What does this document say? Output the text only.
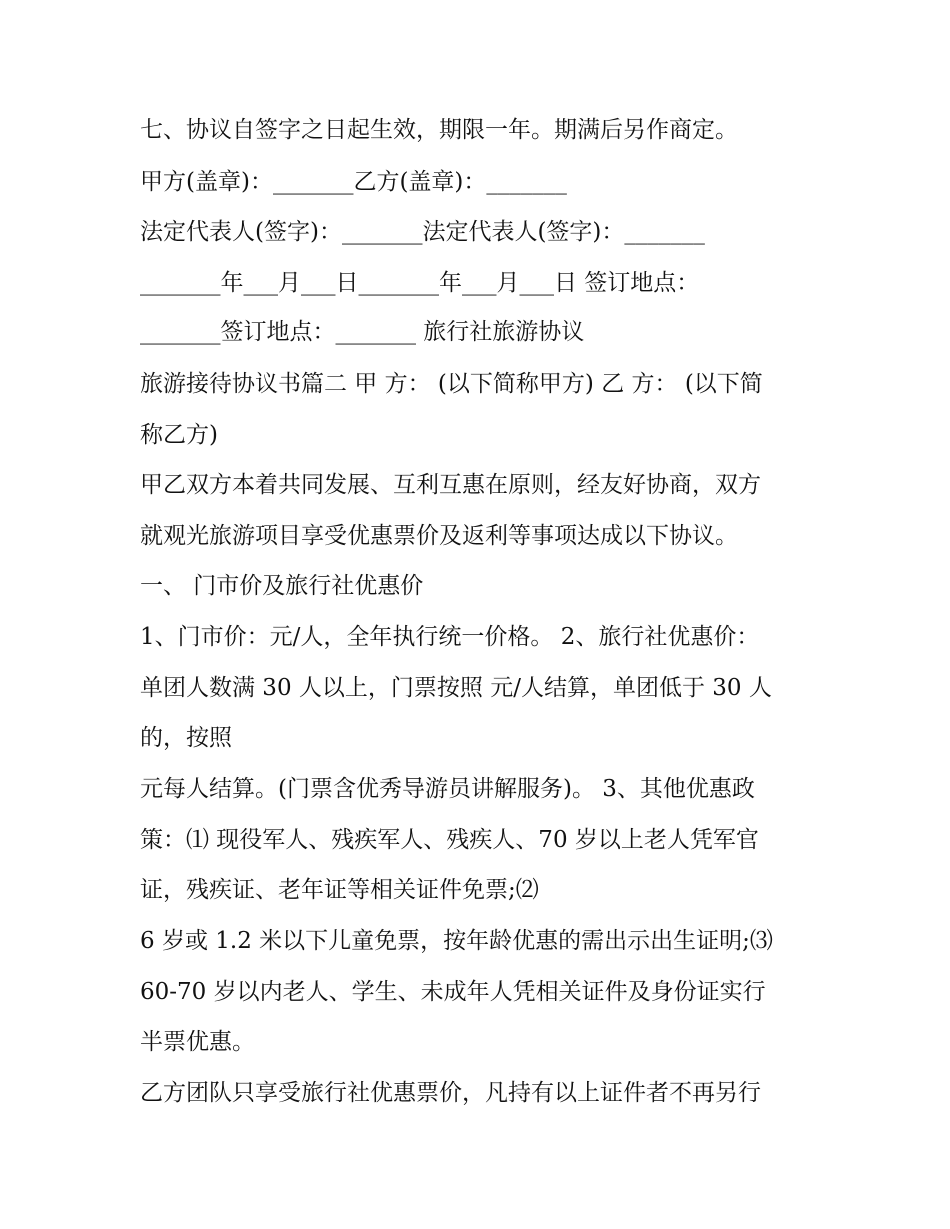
七、协议自签字之日起生效，期限一年。期满后另作商定。
甲方(盖章)：_______乙方(盖章)：_______
法定代表人(签字)：_______法定代表人(签字)：_______
_______年___月___日_______年___月___日 签订地点：
_______签订地点：_______ 旅行社旅游协议
旅游接待协议书篇二 甲 方： (以下简称甲方) 乙 方： (以下简
称乙方)
甲乙双方本着共同发展、互利互惠在原则，经友好协商，双方
就观光旅游项目享受优惠票价及返利等事项达成以下协议。
一、 门市价及旅行社优惠价
1、门市价：元/人，全年执行统一价格。 2、旅行社优惠价：
单团人数满 30 人以上，门票按照 元/人结算，单团低于 30 人
的，按照
元每人结算。(门票含优秀导游员讲解服务)。 3、其他优惠政
策：⑴ 现役军人、残疾军人、残疾人、70 岁以上老人凭军官
证，残疾证、老年证等相关证件免票;⑵
6 岁或 1.2 米以下儿童免票，按年龄优惠的需出示出生证明;⑶
60-70 岁以内老人、学生、未成年人凭相关证件及身份证实行
半票优惠。
乙方团队只享受旅行社优惠票价，凡持有以上证件者不再另行
